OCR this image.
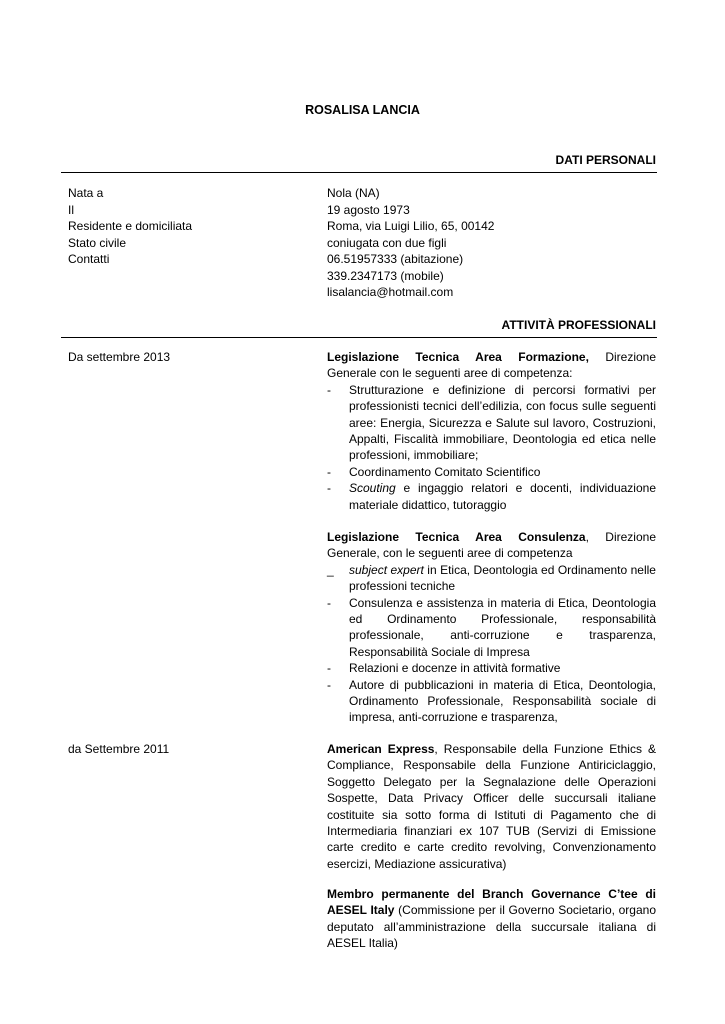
ROSALISA LANCIA
DATI PERSONALI
Nata a	Nola (NA)
Il	19 agosto 1973
Residente e domiciliata	Roma, via Luigi Lilio, 65, 00142
Stato civile	coniugata con due figli
Contatti	06.51957333 (abitazione)
339.2347173 (mobile)
lisalancia@hotmail.com
ATTIVITÀ PROFESSIONALI
Da settembre 2013	Legislazione Tecnica Area Formazione, Direzione Generale con le seguenti aree di competenza:

- Strutturazione e definizione di percorsi formativi per professionisti tecnici dell’edilizia, con focus sulle seguenti aree: Energia, Sicurezza e Salute sul lavoro, Costruzioni, Appalti, Fiscalità immobiliare, Deontologia ed etica nelle professioni, immobiliare;
- Coordinamento Comitato Scientifico
- Scouting e ingaggio relatori e docenti, individuazione materiale didattico, tutoraggio

Legislazione Tecnica Area Consulenza, Direzione Generale, con le seguenti aree di competenza

_ subject expert in Etica, Deontologia ed Ordinamento nelle professioni tecniche
- Consulenza e assistenza in materia di Etica, Deontologia ed Ordinamento Professionale, responsabilità professionale, anti-corruzione e trasparenza, Responsabilità Sociale di Impresa
- Relazioni e docenze in attività formative
- Autore di pubblicazioni in materia di Etica, Deontologia, Ordinamento Professionale, Responsabilità sociale di impresa, anti-corruzione e trasparenza,
da Settembre 2011	American Express, Responsabile della Funzione Ethics & Compliance, Responsabile della Funzione Antiriciclaggio, Soggetto Delegato per la Segnalazione delle Operazioni Sospette, Data Privacy Officer delle succursali italiane costituite sia sotto forma di Istituti di Pagamento che di Intermediaria finanziari ex 107 TUB (Servizi di Emissione carte credito e carte credito revolving, Convenzionamento esercizi, Mediazione assicurativa)

Membro permanente del Branch Governance C’tee di AESEL Italy (Commissione per il Governo Societario, organo deputato all’amministrazione della succursale italiana di AESEL Italia)
